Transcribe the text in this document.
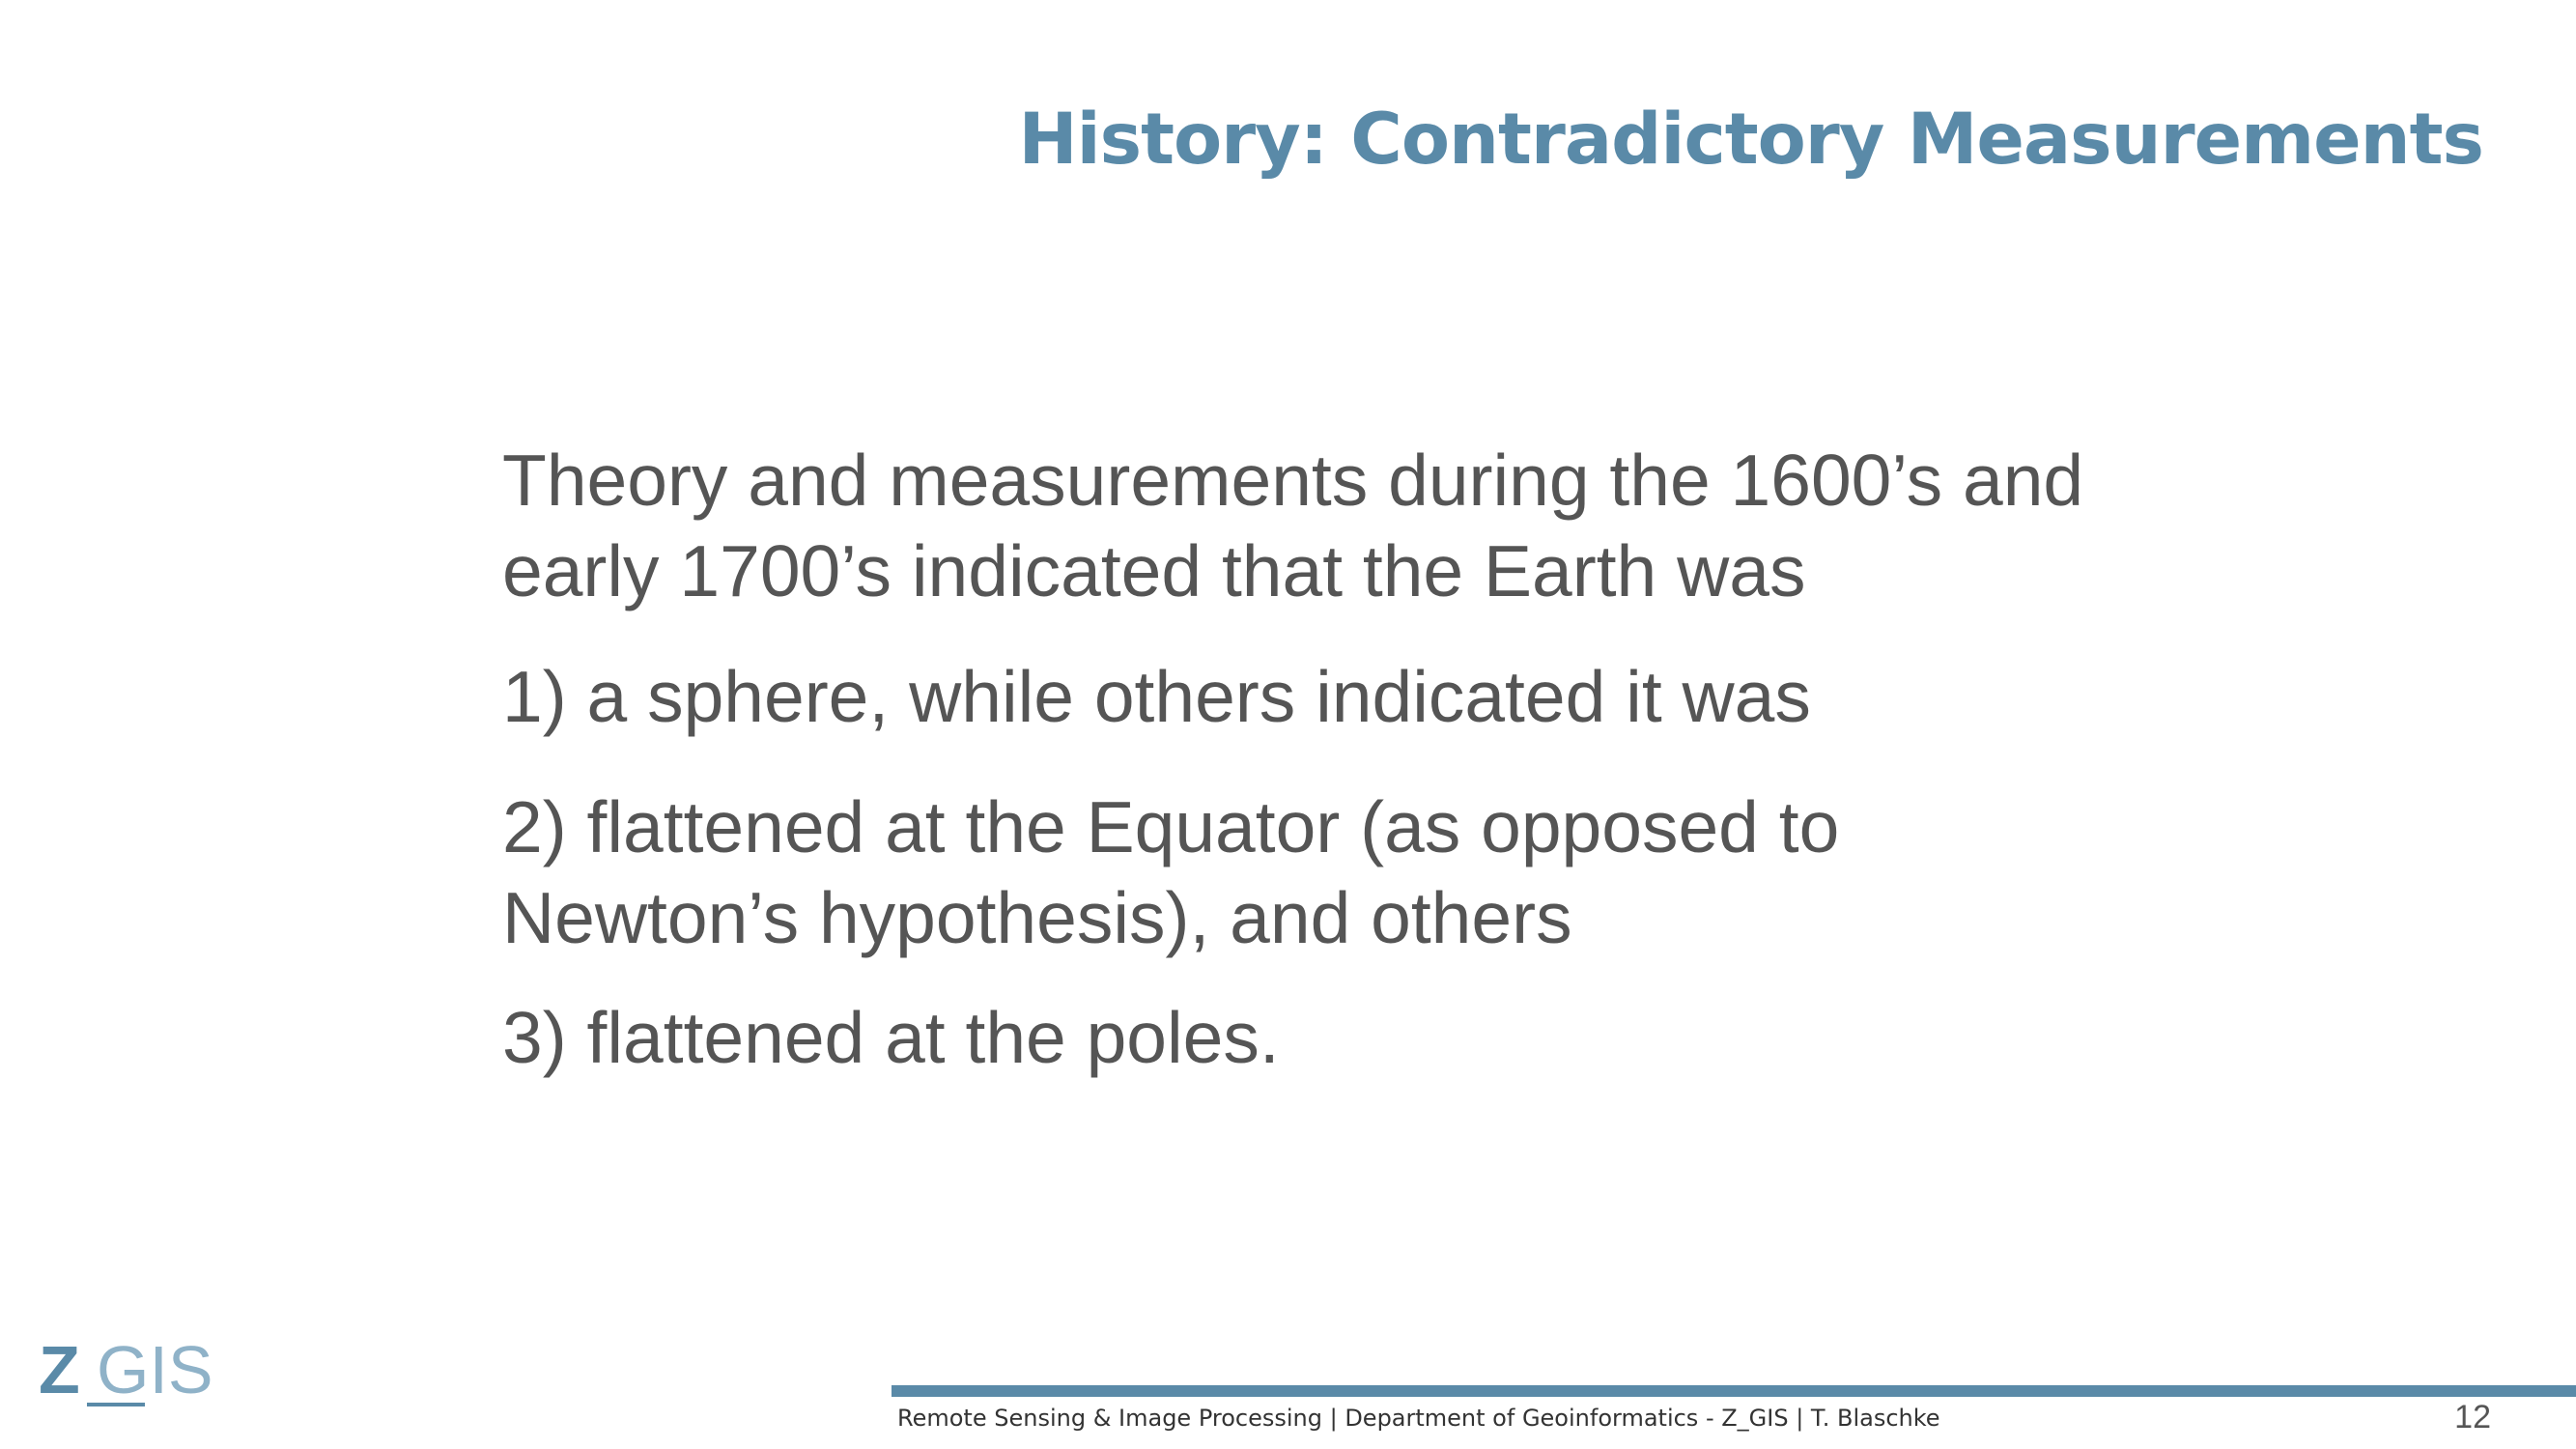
History: Contradictory Measurements

Theory and measurements during the 1600’s and early 1700’s indicated that the Earth was

1) a sphere, while others indicated it was

2) flattened at the Equator (as opposed to Newton’s hypothesis), and others

3) flattened at the poles.

Z GIS
Remote Sensing & Image Processing | Department of Geoinformatics - Z_GIS | T. Blaschke	12
